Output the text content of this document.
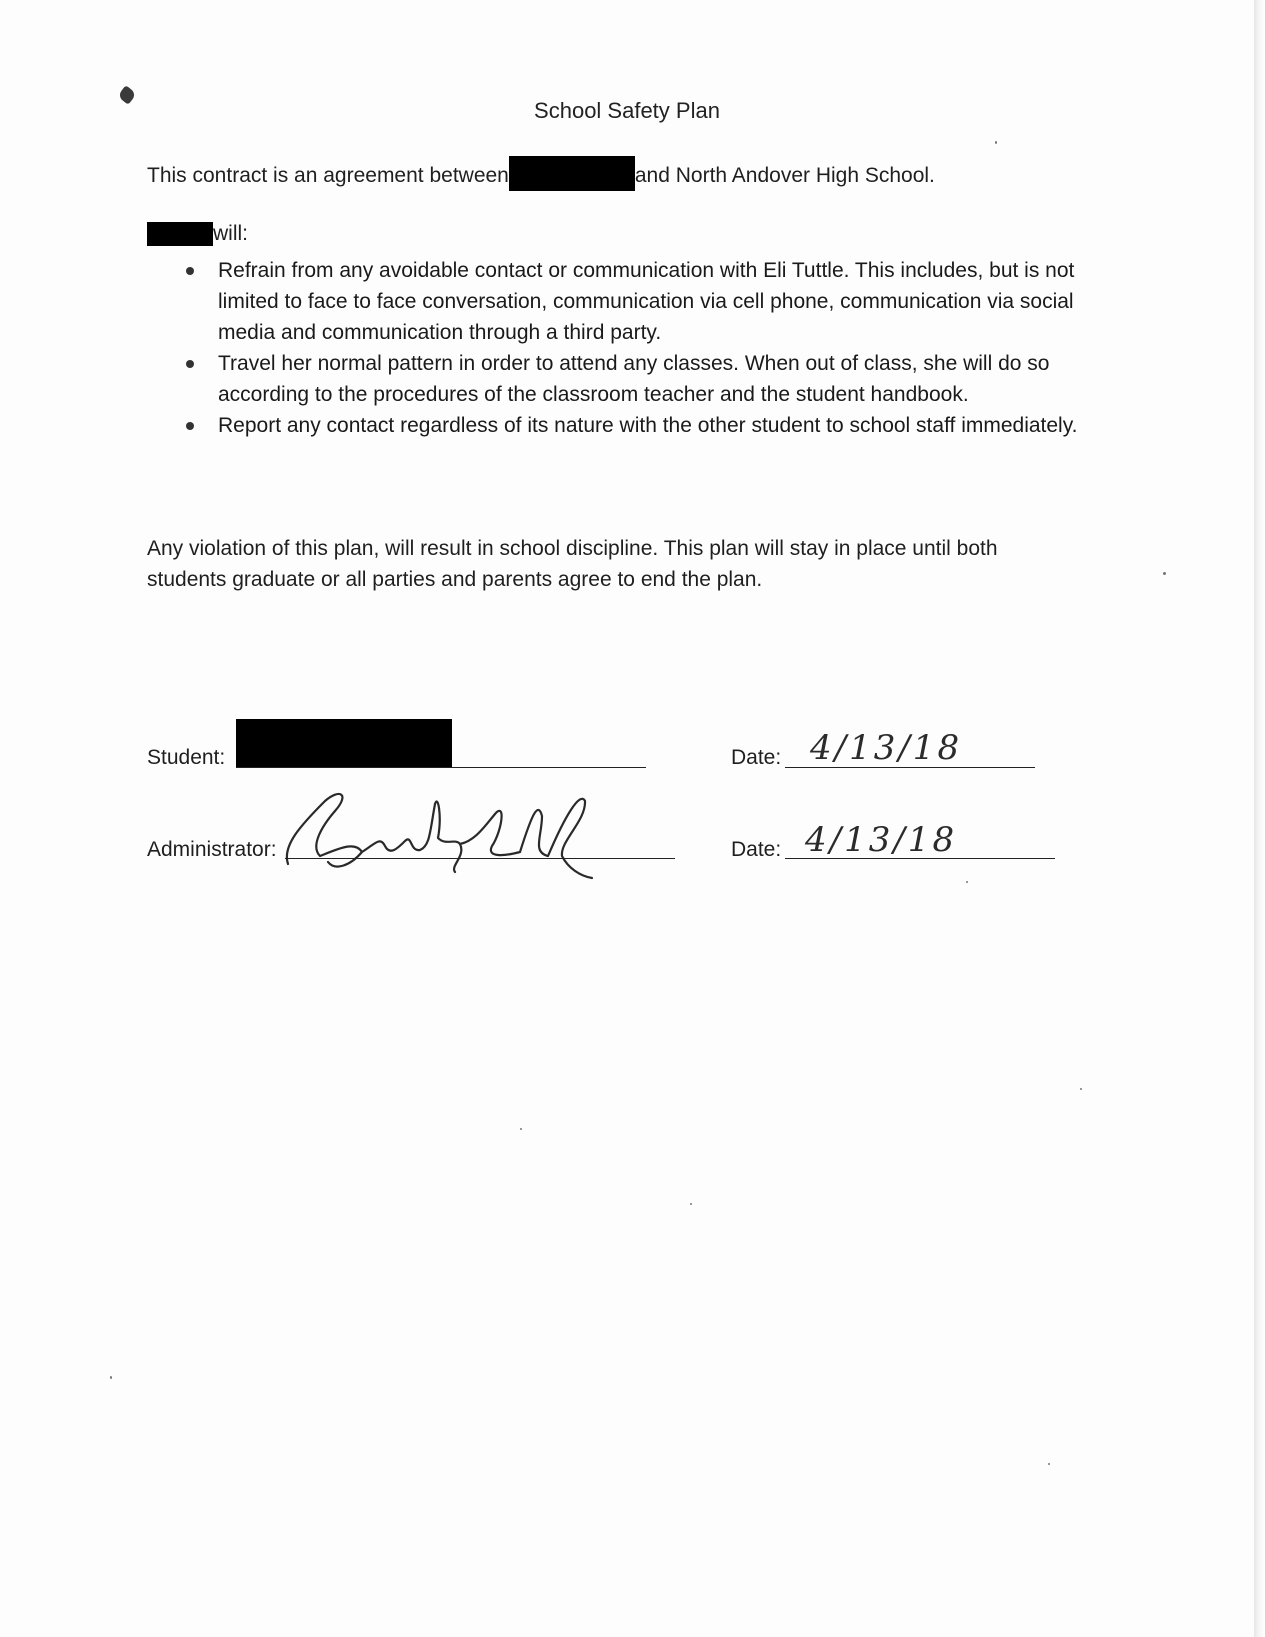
School Safety Plan
This contract is an agreement between	and North Andover High School.
will:
Refrain from any avoidable contact or communication with Eli Tuttle. This includes, but is not limited to face to face conversation, communication via cell phone, communication via social media and communication through a third party.
Travel her normal pattern in order to attend any classes. When out of class, she will do so according to the procedures of the classroom teacher and the student handbook.
Report any contact regardless of its nature with the other student to school staff immediately.
Any violation of this plan, will result in school discipline. This plan will stay in place until both students graduate or all parties and parents agree to end the plan.
Student:	Date: 4/13/18
Administrator:	Date: 4/13/18
